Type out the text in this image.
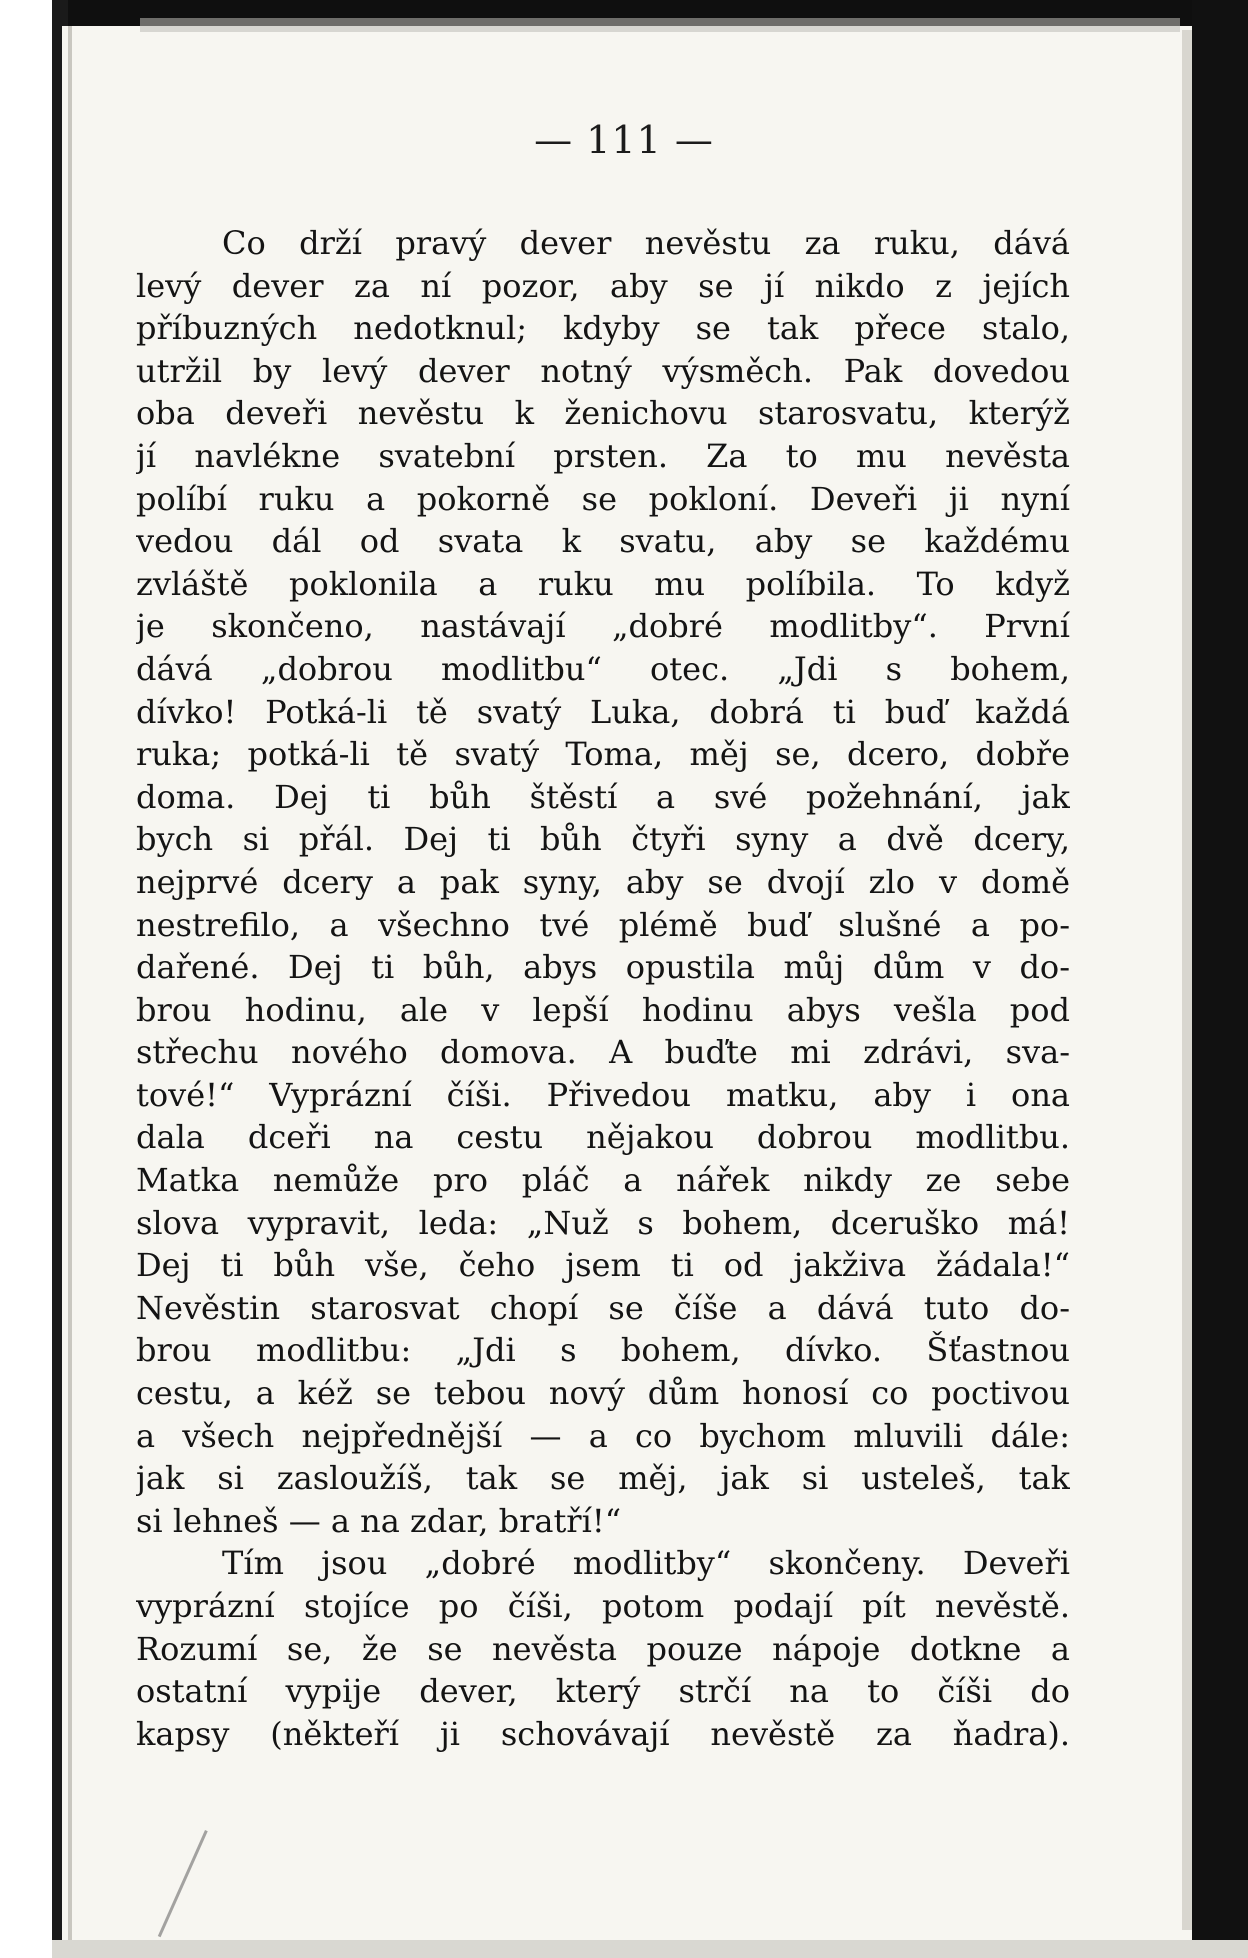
— 111 —
Co drží pravý dever nevěstu za ruku, dává
levý dever za ní pozor, aby se jí nikdo z jejích
příbuzných nedotknul; kdyby se tak přece stalo,
utržil by levý dever notný výsměch. Pak dovedou
oba deveři nevěstu k ženichovu starosvatu, kterýž
jí navlékne svatební prsten. Za to mu nevěsta
políbí ruku a pokorně se pokloní. Deveři ji nyní
vedou dál od svata k svatu, aby se každému
zvláště poklonila a ruku mu políbila. To když
je skončeno, nastávají „dobré modlitby“. První
dává „dobrou modlitbu“ otec. „Jdi s bohem,
dívko! Potká-li tě svatý Luka, dobrá ti buď každá
ruka; potká-li tě svatý Toma, měj se, dcero, dobře
doma. Dej ti bůh štěstí a své požehnání, jak
bych si přál. Dej ti bůh čtyři syny a dvě dcery,
nejprvé dcery a pak syny, aby se dvojí zlo v domě
nestrefilo, a všechno tvé plémě buď slušné a po-
dařené. Dej ti bůh, abys opustila můj dům v do-
brou hodinu, ale v lepší hodinu abys vešla pod
střechu nového domova. A buďte mi zdrávi, sva-
tové!“ Vyprázní číši. Přivedou matku, aby i ona
dala dceři na cestu nějakou dobrou modlitbu.
Matka nemůže pro pláč a nářek nikdy ze sebe
slova vypravit, leda: „Nuž s bohem, dceruško má!
Dej ti bůh vše, čeho jsem ti od jakživa žádala!“
Nevěstin starosvat chopí se číše a dává tuto do-
brou modlitbu: „Jdi s bohem, dívko. Šťastnou
cestu, a kéž se tebou nový dům honosí co poctivou
a všech nejpřednější — a co bychom mluvili dále:
jak si zasloužíš, tak se měj, jak si usteleš, tak
si lehneš — a na zdar, bratří!“
Tím jsou „dobré modlitby“ skončeny. Deveři
vyprázní stojíce po číši, potom podají pít nevěstě.
Rozumí se, že se nevěsta pouze nápoje dotkne a
ostatní vypije dever, který strčí na to číši do
kapsy (někteří ji schovávají nevěstě za ňadra).
